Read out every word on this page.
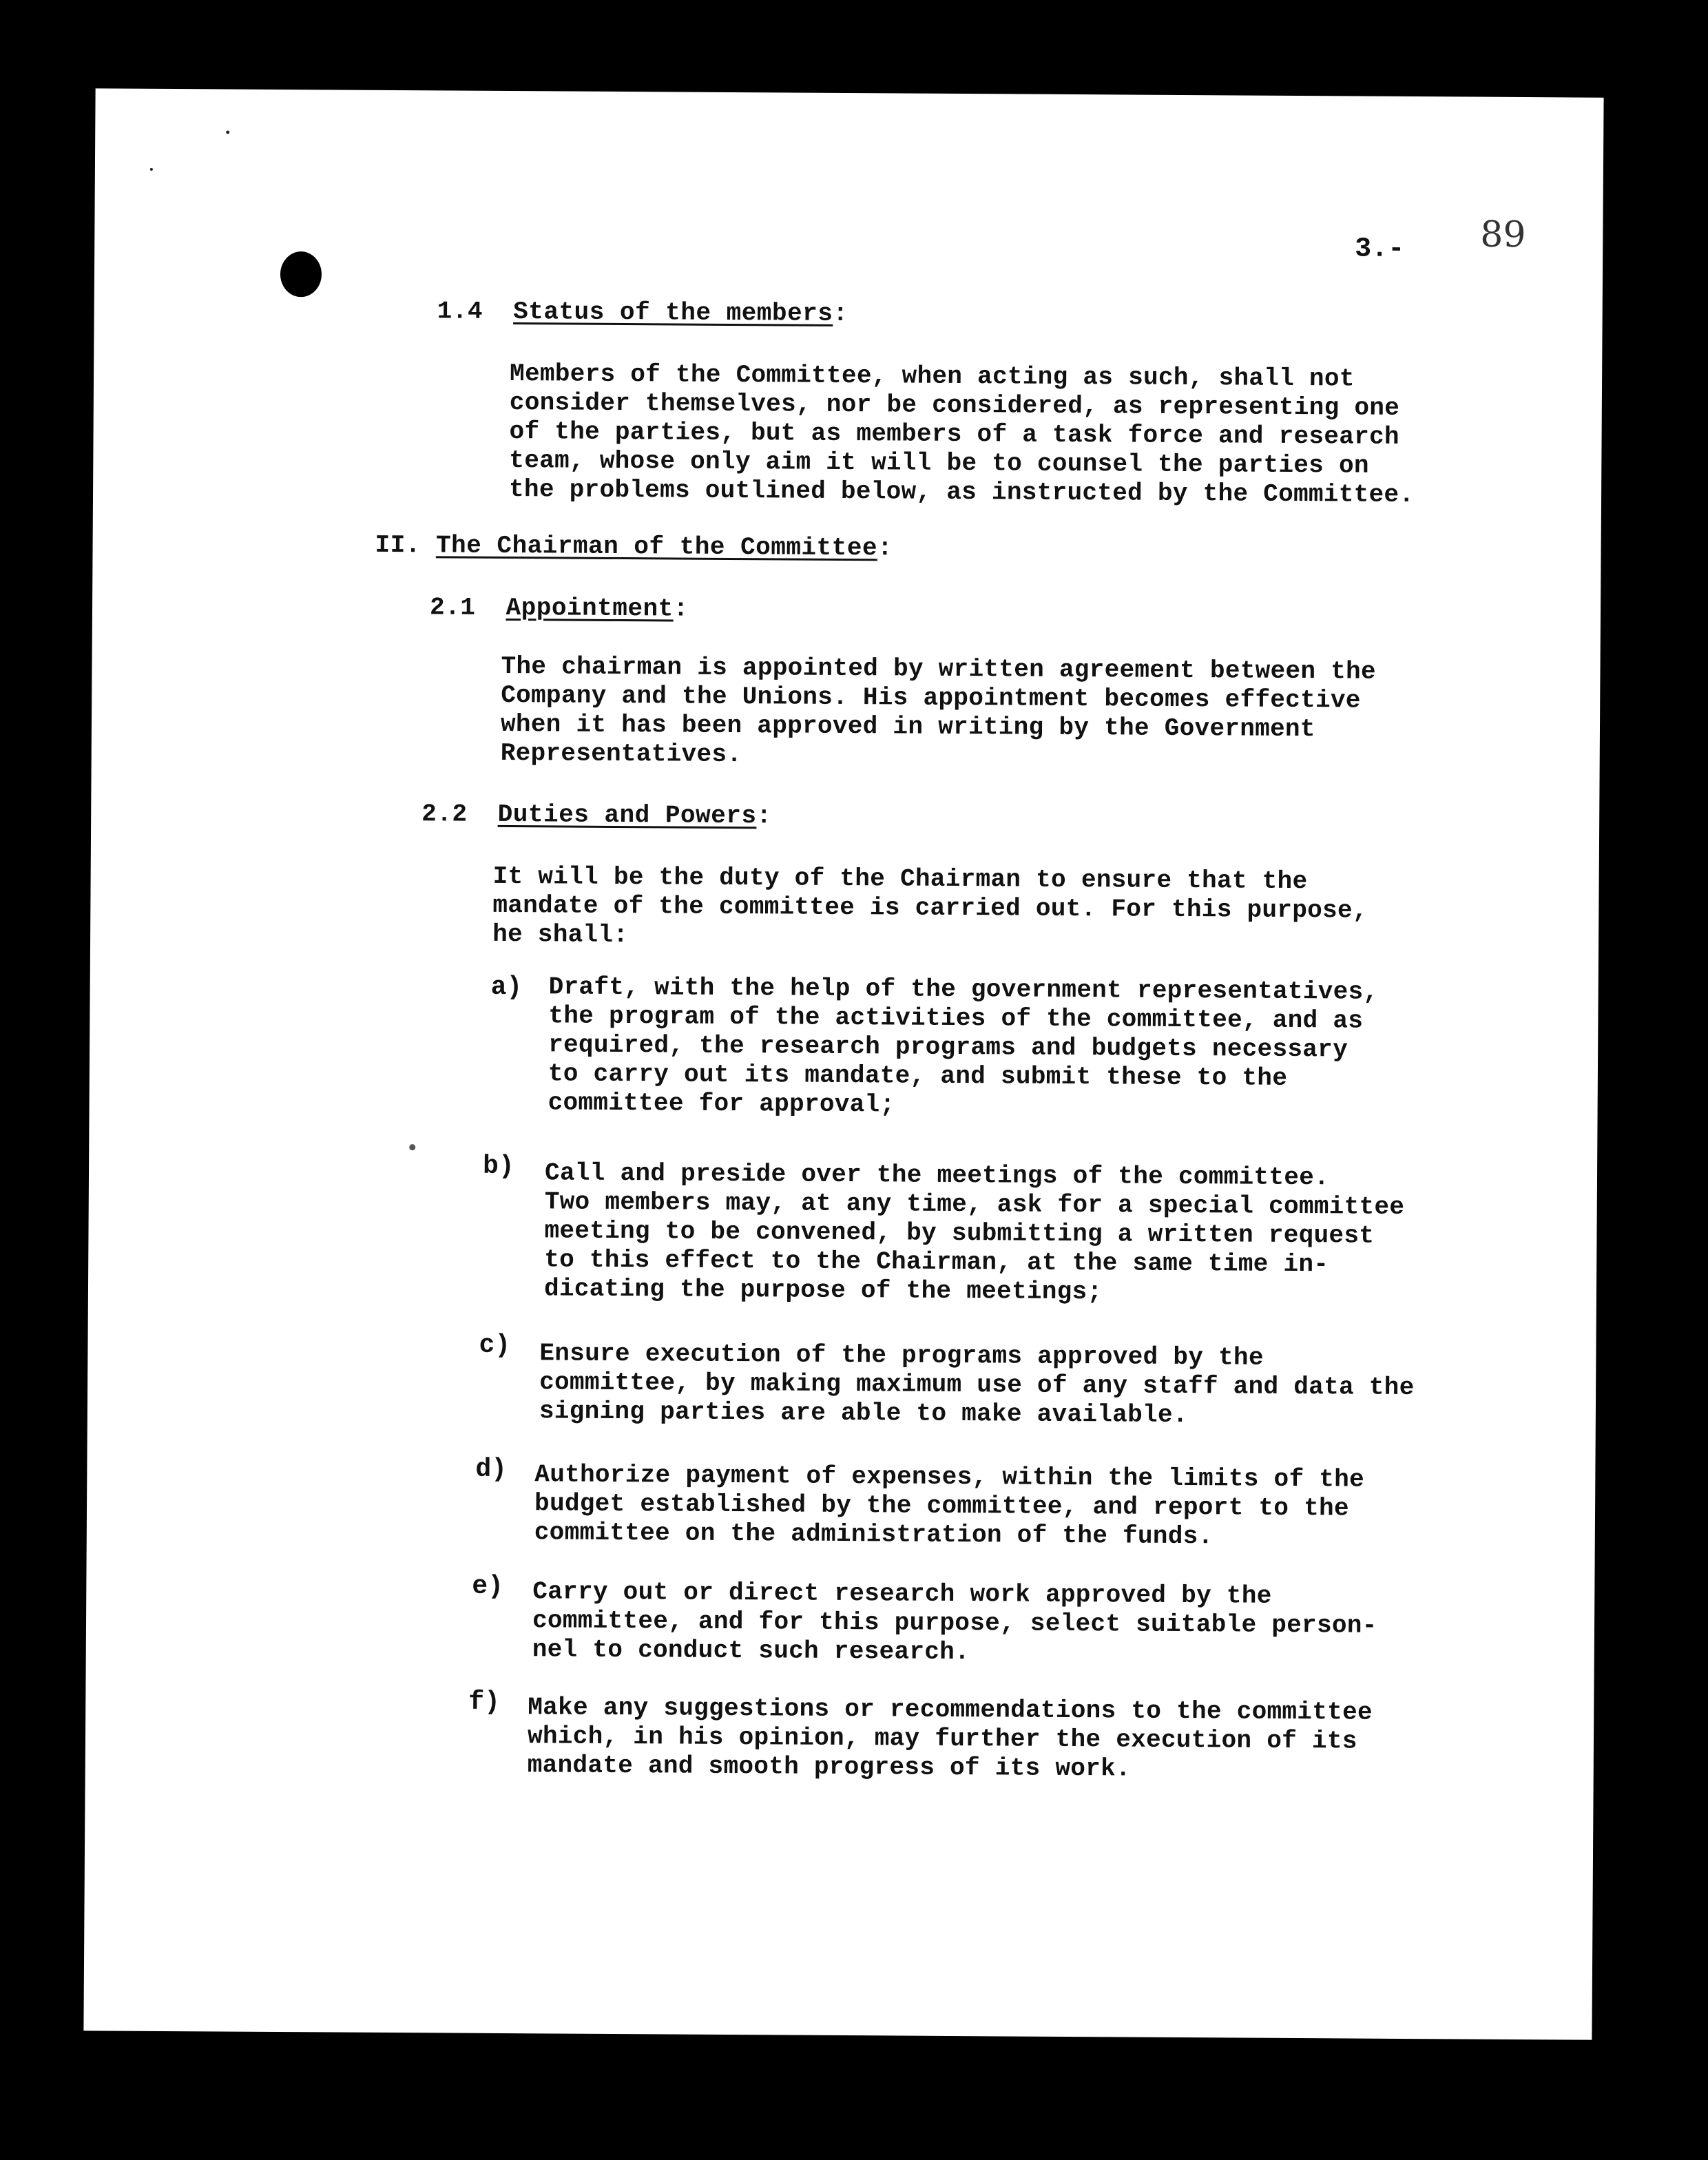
3.- 89
1.4 Status of the members:
Members of the Committee, when acting as such, shall not
consider themselves, nor be considered, as representing one
of the parties, but as members of a task force and research
team, whose only aim it will be to counsel the parties on
the problems outlined below, as instructed by the Committee.
II. The Chairman of the Committee:
2.1 Appointment:
The chairman is appointed by written agreement between the
Company and the Unions. His appointment becomes effective
when it has been approved in writing by the Government
Representatives.
2.2 Duties and Powers:
It will be the duty of the Chairman to ensure that the
mandate of the committee is carried out. For this purpose,
he shall:
a) Draft, with the help of the government representatives,
the program of the activities of the committee, and as
required, the research programs and budgets necessary
to carry out its mandate, and submit these to the
committee for approval;
b) Call and preside over the meetings of the committee.
Two members may, at any time, ask for a special committee
meeting to be convened, by submitting a written request
to this effect to the Chairman, at the same time in-
dicating the purpose of the meetings;
c) Ensure execution of the programs approved by the
committee, by making maximum use of any staff and data the
signing parties are able to make available.
d) Authorize payment of expenses, within the limits of the
budget established by the committee, and report to the
committee on the administration of the funds.
e) Carry out or direct research work approved by the
committee, and for this purpose, select suitable person-
nel to conduct such research.
f) Make any suggestions or recommendations to the committee
which, in his opinion, may further the execution of its
mandate and smooth progress of its work.
